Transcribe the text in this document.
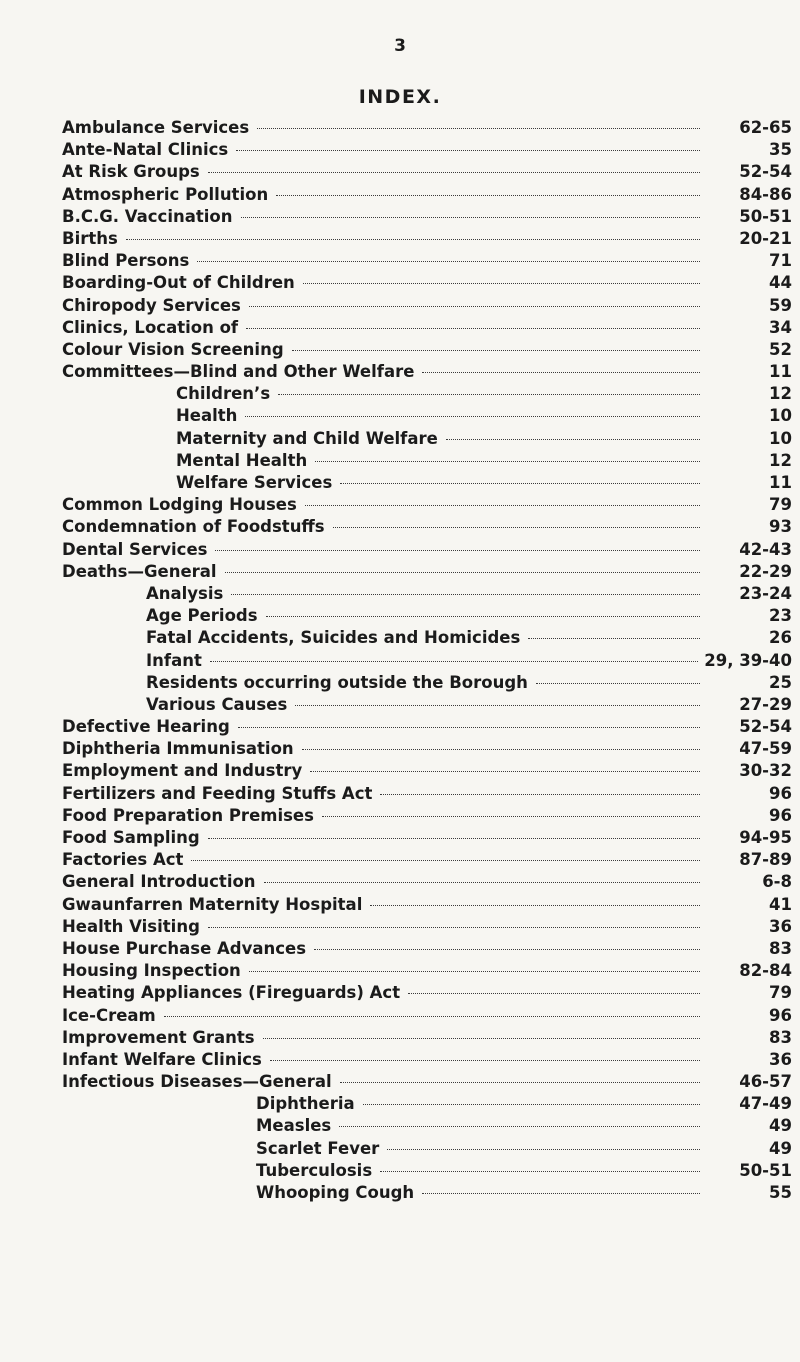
3
INDEX.
Ambulance Services	62-65
Ante-Natal Clinics	35
At Risk Groups	52-54
Atmospheric Pollution	84-86
B.C.G. Vaccination	50-51
Births	20-21
Blind Persons	71
Boarding-Out of Children	44
Chiropody Services	59
Clinics, Location of	34
Colour Vision Screening	52
Committees—Blind and Other Welfare	11
Children’s	12
Health	10
Maternity and Child Welfare	10
Mental Health	12
Welfare Services	11
Common Lodging Houses	79
Condemnation of Foodstuffs	93
Dental Services	42-43
Deaths—General	22-29
Analysis	23-24
Age Periods	23
Fatal Accidents, Suicides and Homicides	26
Infant	29, 39-40
Residents occurring outside the Borough	25
Various Causes	27-29
Defective Hearing	52-54
Diphtheria Immunisation	47-59
Employment and Industry	30-32
Fertilizers and Feeding Stuffs Act	96
Food Preparation Premises	96
Food Sampling	94-95
Factories Act	87-89
General Introduction	6-8
Gwaunfarren Maternity Hospital	41
Health Visiting	36
House Purchase Advances	83
Housing Inspection	82-84
Heating Appliances (Fireguards) Act	79
Ice-Cream	96
Improvement Grants	83
Infant Welfare Clinics	36
Infectious Diseases—General	46-57
Diphtheria	47-49
Measles	49
Scarlet Fever	49
Tuberculosis	50-51
Whooping Cough	55
